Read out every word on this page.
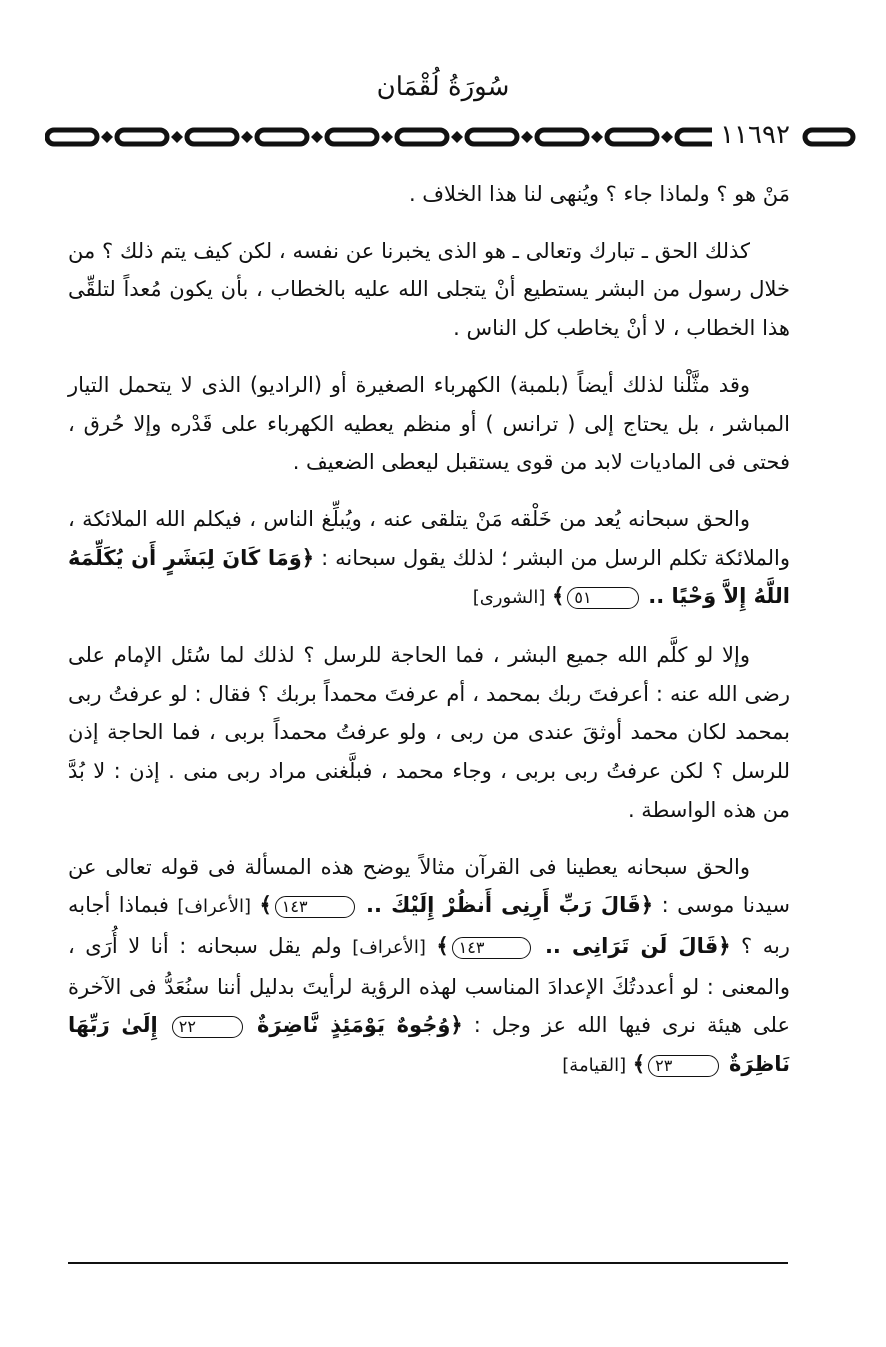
سُورَةُ لُقْمَان
١١٦٩٢

مَنْ هو ؟ ولماذا جاء ؟ ويُنهى لنا هذا الخلاف .

كذلك الحق ـ تبارك وتعالى ـ هو الذى يخبرنا عن نفسه ، لكن كيف يتم ذلك ؟ من خلال رسول من البشر يستطيع أنْ يتجلى الله عليه بالخطاب ، بأن يكون مُعداً لتلقِّى هذا الخطاب ، لا أنْ يخاطب كل الناس .

وقد مثَّلْنا لذلك أيضاً (بلمبة) الكهرباء الصغيرة أو (الراديو) الذى لا يتحمل التيار المباشر ، بل يحتاج إلى ( ترانس ) أو منظم يعطيه الكهرباء على قَدْره وإلا حُرق ، فحتى فى الماديات لابد من قوى يستقبل ليعطى الضعيف .

والحق سبحانه يُعد من خَلْقه مَنْ يتلقى عنه ، ويُبلِّغ الناس ، فيكلم الله الملائكة ، والملائكة تكلم الرسل من البشر ؛ لذلك يقول سبحانه : ﴿وَمَا كَانَ لِبَشَرٍ أَن يُكَلِّمَهُ اللَّهُ إِلاَّ وَحْيًا .. ٥١﴾ [الشورى]

وإلا لو كلَّم الله جميع البشر ، فما الحاجة للرسل ؟ لذلك لما سُئل الإمام على رضى الله عنه : أعرفتَ ربك بمحمد ، أم عرفتَ محمداً بربك ؟ فقال : لو عرفتُ ربى بمحمد لكان محمد أوثقَ عندى من ربى ، ولو عرفتُ محمداً بربى ، فما الحاجة إذن للرسل ؟ لكن عرفتُ ربى بربى ، وجاء محمد ، فبلَّغنى مراد ربى منى . إذن : لا بُدَّ من هذه الواسطة .

والحق سبحانه يعطينا فى القرآن مثالاً يوضح هذه المسألة فى قوله تعالى عن سيدنا موسى : ﴿قَالَ رَبِّ أَرِنِى أَنظُرْ إِلَيْكَ .. ١٤٣﴾ [الأعراف] فبماذا أجابه ربه ؟ ﴿قَالَ لَن تَرَانِى .. ١٤٣﴾ [الأعراف] ولم يقل سبحانه : أنا لا أُرَى ، والمعنى : لو أعددتُكَ الإعدادَ المناسب لهذه الرؤية لرأيتَ بدليل أننا سنُعَدُّ فى الآخرة على هيئة نرى فيها الله عز وجل : ﴿وُجُوهٌ يَوْمَئِذٍ نَّاضِرَةٌ ٢٢ إِلَىٰ رَبِّهَا نَاظِرَةٌ ٢٣﴾ [القيامة]
